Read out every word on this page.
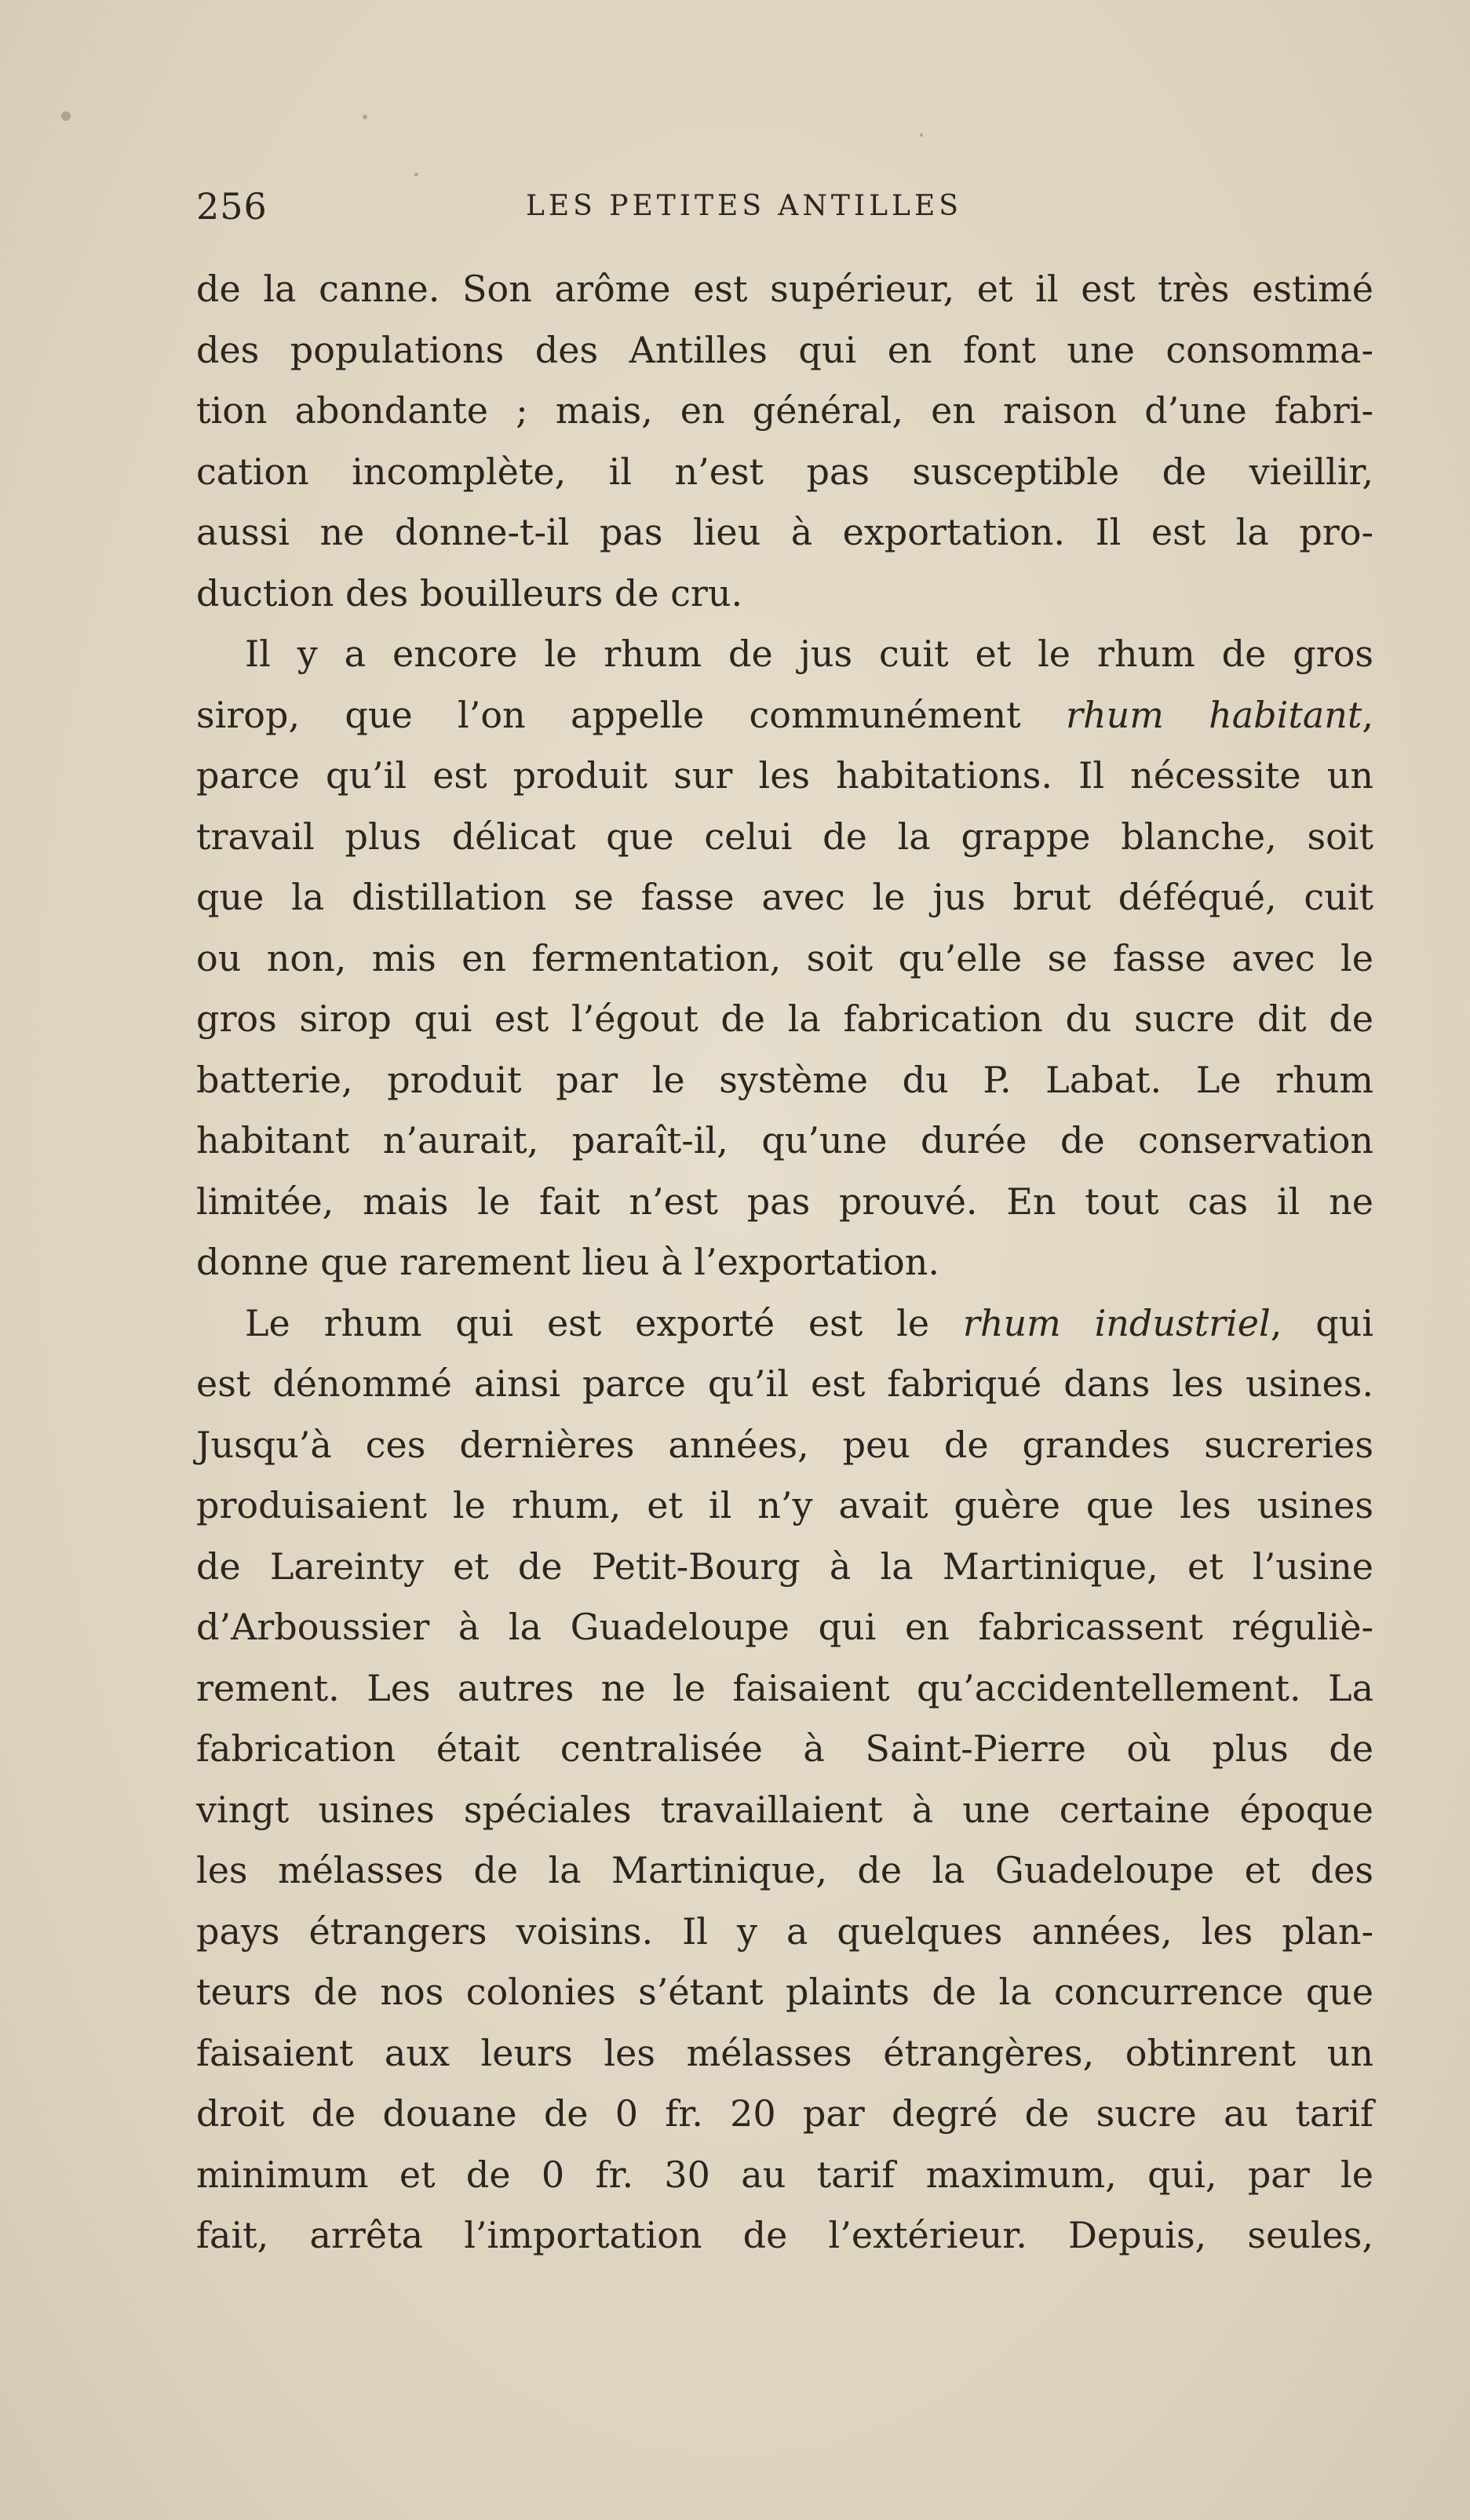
256	LES PETITES ANTILLES
de la canne. Son arôme est supérieur, et il est très estimé
des populations des Antilles qui en font une consomma-
tion abondante ; mais, en général, en raison d’une fabri-
cation incomplète, il n’est pas susceptible de vieillir,
aussi ne donne-t-il pas lieu à exportation. Il est la pro-
duction des bouilleurs de cru.
Il y a encore le rhum de jus cuit et le rhum de gros
sirop, que l’on appelle communément rhum habitant,
parce qu’il est produit sur les habitations. Il nécessite un
travail plus délicat que celui de la grappe blanche, soit
que la distillation se fasse avec le jus brut déféqué, cuit
ou non, mis en fermentation, soit qu’elle se fasse avec le
gros sirop qui est l’égout de la fabrication du sucre dit de
batterie, produit par le système du P. Labat. Le rhum
habitant n’aurait, paraît-il, qu’une durée de conservation
limitée, mais le fait n’est pas prouvé. En tout cas il ne
donne que rarement lieu à l’exportation.
Le rhum qui est exporté est le rhum industriel, qui
est dénommé ainsi parce qu’il est fabriqué dans les usines.
Jusqu’à ces dernières années, peu de grandes sucreries
produisaient le rhum, et il n’y avait guère que les usines
de Lareinty et de Petit-Bourg à la Martinique, et l’usine
d’Arboussier à la Guadeloupe qui en fabricassent réguliè-
rement. Les autres ne le faisaient qu’accidentellement. La
fabrication était centralisée à Saint-Pierre où plus de
vingt usines spéciales travaillaient à une certaine époque
les mélasses de la Martinique, de la Guadeloupe et des
pays étrangers voisins. Il y a quelques années, les plan-
teurs de nos colonies s’étant plaints de la concurrence que
faisaient aux leurs les mélasses étrangères, obtinrent un
droit de douane de 0 fr. 20 par degré de sucre au tarif
minimum et de 0 fr. 30 au tarif maximum, qui, par le
fait, arrêta l’importation de l’extérieur. Depuis, seules,
